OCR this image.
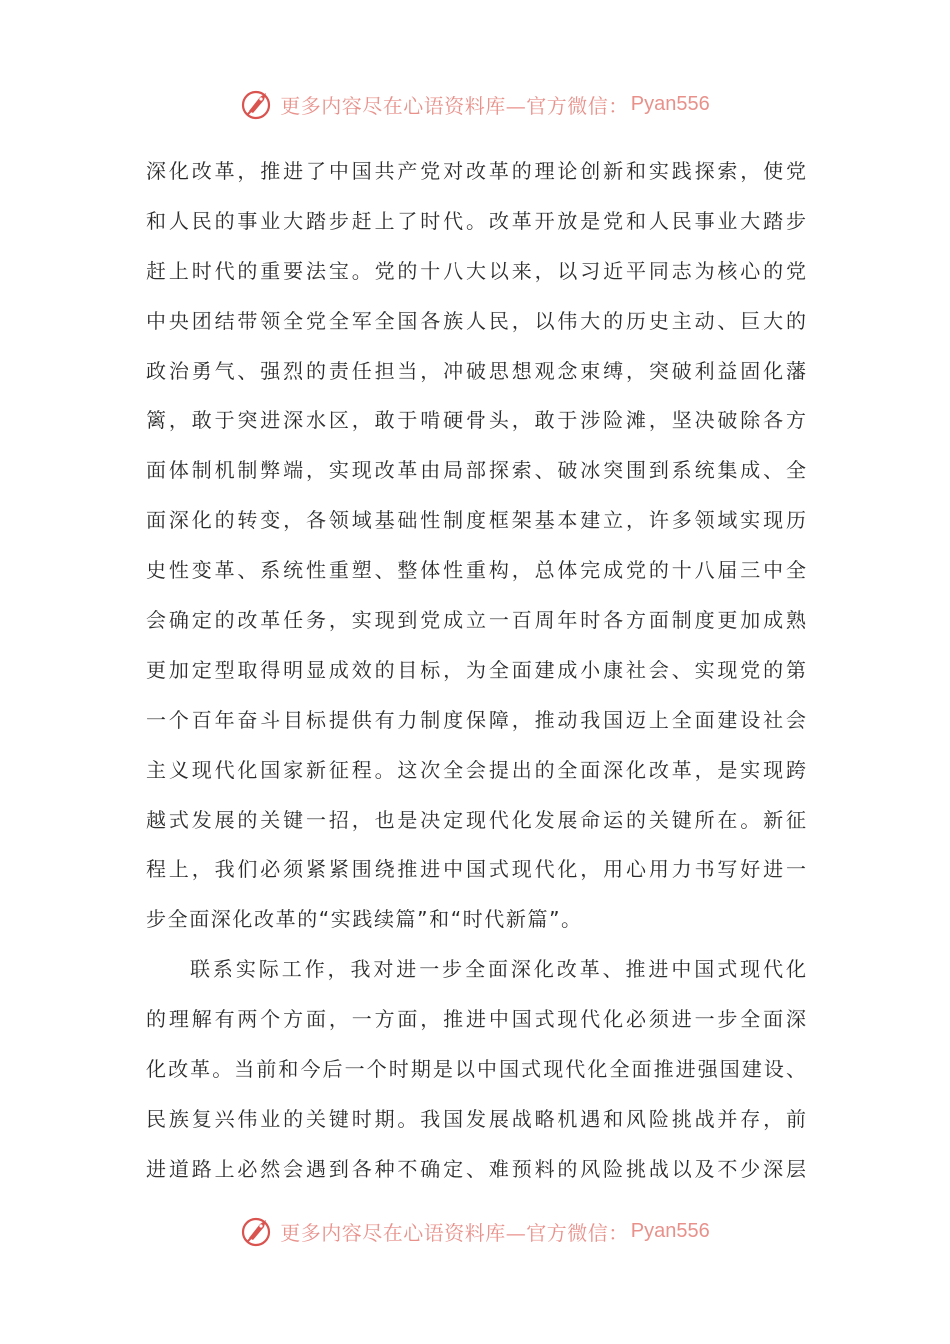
更多内容尽在心语资料库—官方微信： Pyan556
深化改革，推进了中国共产党对改革的理论创新和实践探索，使党
和人民的事业大踏步赶上了时代。改革开放是党和人民事业大踏步
赶上时代的重要法宝。党的十八大以来，以习近平同志为核心的党
中央团结带领全党全军全国各族人民，以伟大的历史主动、巨大的
政治勇气、强烈的责任担当，冲破思想观念束缚，突破利益固化藩
篱，敢于突进深水区，敢于啃硬骨头，敢于涉险滩，坚决破除各方
面体制机制弊端，实现改革由局部探索、破冰突围到系统集成、全
面深化的转变，各领域基础性制度框架基本建立，许多领域实现历
史性变革、系统性重塑、整体性重构，总体完成党的十八届三中全
会确定的改革任务，实现到党成立一百周年时各方面制度更加成熟
更加定型取得明显成效的目标，为全面建成小康社会、实现党的第
一个百年奋斗目标提供有力制度保障，推动我国迈上全面建设社会
主义现代化国家新征程。这次全会提出的全面深化改革，是实现跨
越式发展的关键一招，也是决定现代化发展命运的关键所在。新征
程上，我们必须紧紧围绕推进中国式现代化，用心用力书写好进一
步全面深化改革的“实践续篇”和“时代新篇”。
联系实际工作，我对进一步全面深化改革、推进中国式现代化
的理解有两个方面，一方面，推进中国式现代化必须进一步全面深
化改革。当前和今后一个时期是以中国式现代化全面推进强国建设、
民族复兴伟业的关键时期。我国发展战略机遇和风险挑战并存，前
进道路上必然会遇到各种不确定、难预料的风险挑战以及不少深层
更多内容尽在心语资料库—官方微信： Pyan556
